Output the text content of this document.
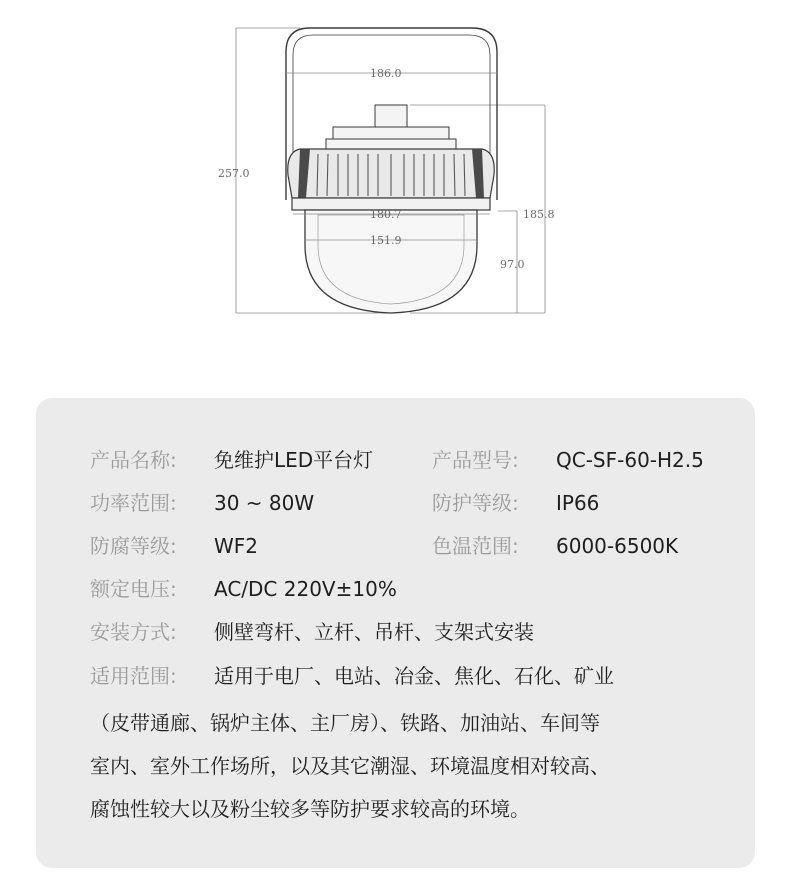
186.0
257.0
180.7	185.8
151.9
97.0
产品名称: 免维护LED平台灯	产品型号: QC-SF-60-H2.5
功率范围: 30 ~ 80W	防护等级: IP66
防腐等级: WF2	色温范围: 6000-6500K
额定电压: AC/DC 220V±10%
安装方式: 侧壁弯杆、立杆、吊杆、支架式安装
适用范围: 适用于电厂、电站、冶金、焦化、石化、矿业
（皮带通廊、锅炉主体、主厂房）、铁路、加油站、车间等
室内、室外工作场所，以及其它潮湿、环境温度相对较高、
腐蚀性较大以及粉尘较多等防护要求较高的环境。
